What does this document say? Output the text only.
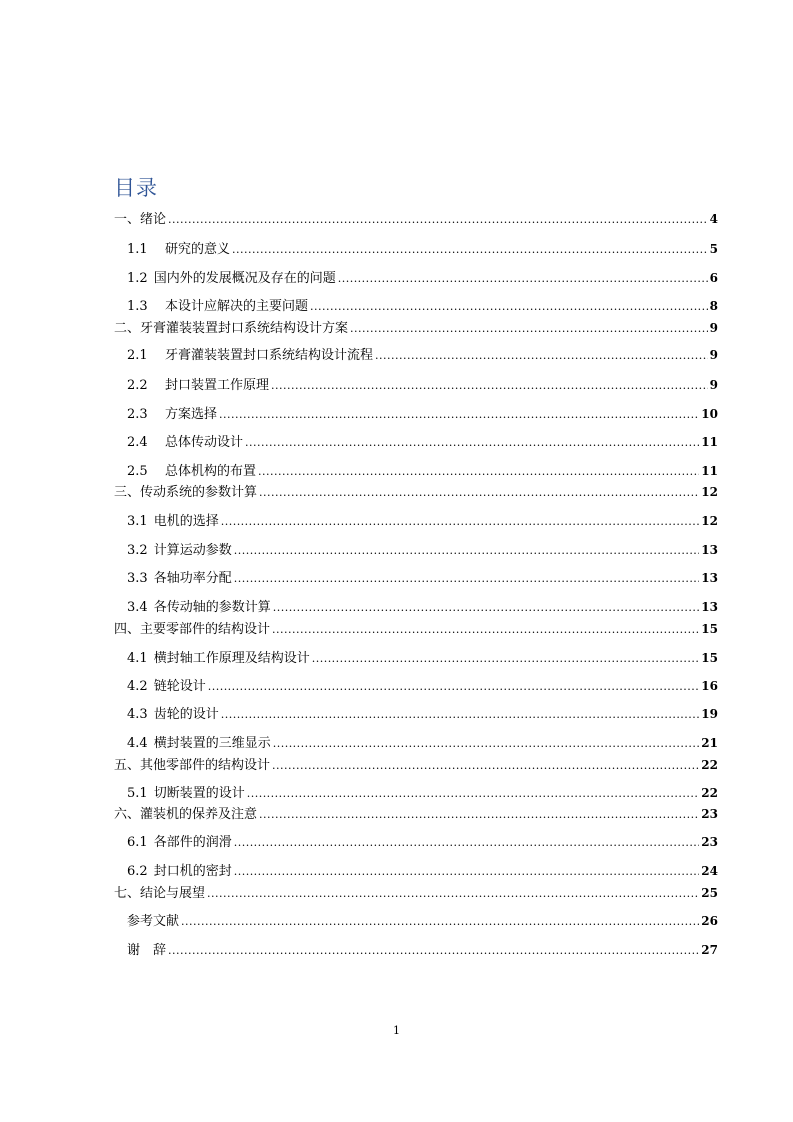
目录
一、绪论 .....	4
1.1 研究的意义 .....	5
1.2 国内外的发展概况及存在的问题 .....	6
1.3 本设计应解决的主要问题 .....	8
二、牙膏灌装装置封口系统结构设计方案 .....	9
2.1 牙膏灌装装置封口系统结构设计流程 .....	9
2.2 封口装置工作原理 .....	9
2.3 方案选择 .....	10
2.4 总体传动设计 .....	11
2.5 总体机构的布置 .....	11
三、传动系统的参数计算 .....	12
3.1 电机的选择 .....	12
3.2 计算运动参数 .....	13
3.3 各轴功率分配 .....	13
3.4 各传动轴的参数计算 .....	13
四、主要零部件的结构设计 .....	15
4.1 横封轴工作原理及结构设计 .....	15
4.2 链轮设计 .....	16
4.3 齿轮的设计 .....	19
4.4 横封装置的三维显示 .....	21
五、其他零部件的结构设计 .....	22
5.1 切断装置的设计 .....	22
六、灌装机的保养及注意 .....	23
6.1 各部件的润滑 .....	23
6.2 封口机的密封 .....	24
七、结论与展望 .....	25
参考文献 .....	26
谢　辞 .....	27
1
